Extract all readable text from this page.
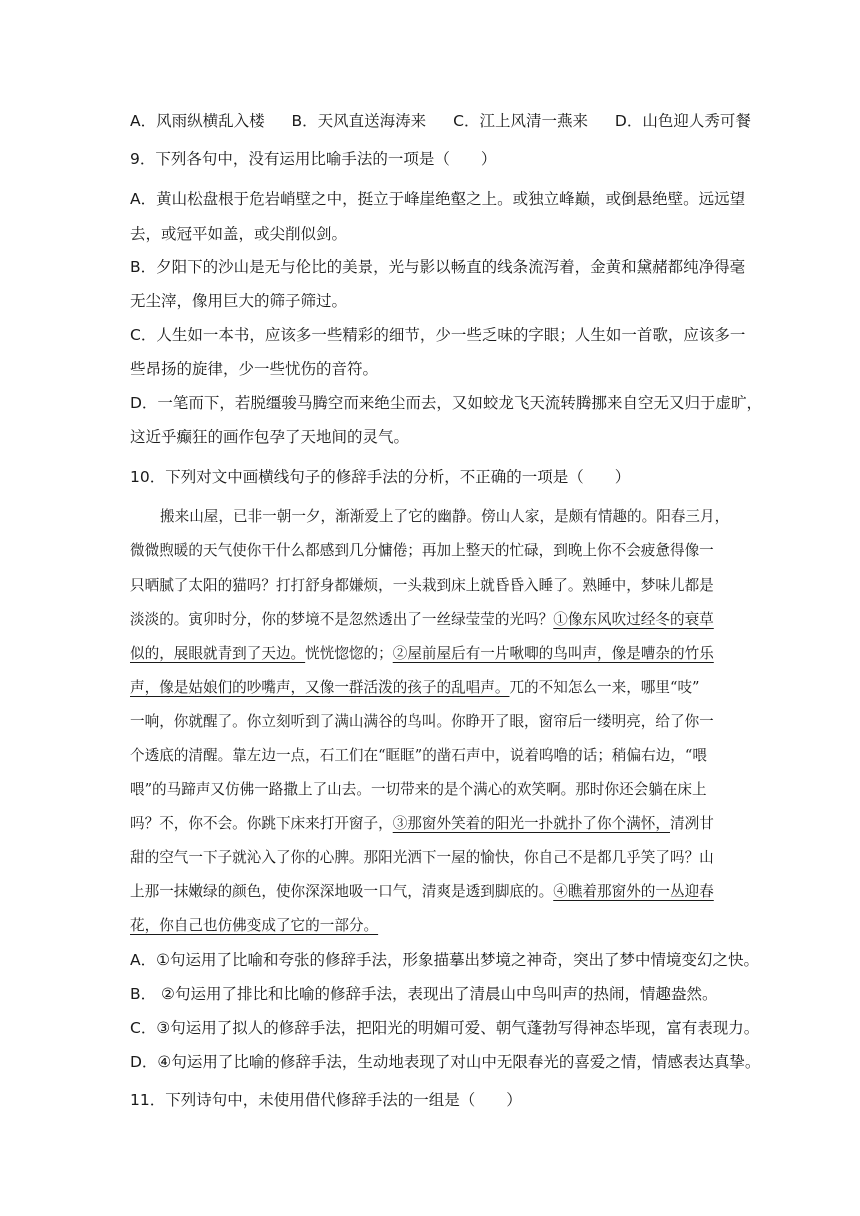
A．风雨纵横乱入楼 B．天风直送海涛来 C．江上风清一燕来 D．山色迎人秀可餐
9．下列各句中，没有运用比喻手法的一项是（　　）
A．黄山松盘根于危岩峭壁之中，挺立于峰崖绝壑之上。或独立峰巅，或倒悬绝壁。远远望
去，或冠平如盖，或尖削似剑。
B．夕阳下的沙山是无与伦比的美景，光与影以畅直的线条流泻着，金黄和黛赭都纯净得毫
无尘滓，像用巨大的筛子筛过。
C．人生如一本书，应该多一些精彩的细节，少一些乏味的字眼；人生如一首歌，应该多一
些昂扬的旋律，少一些忧伤的音符。
D．一笔而下，若脱缰骏马腾空而来绝尘而去，又如蛟龙飞天流转腾挪来自空无又归于虚旷，
这近乎癫狂的画作包孕了天地间的灵气。
10．下列对文中画横线句子的修辞手法的分析，不正确的一项是（　　）
搬来山屋，已非一朝一夕，渐渐爱上了它的幽静。傍山人家，是颇有情趣的。阳春三月，
微微煦暖的天气使你干什么都感到几分慵倦；再加上整天的忙碌，到晚上你不会疲惫得像一
只晒腻了太阳的猫吗？打打舒身都嫌烦，一头栽到床上就昏昏入睡了。熟睡中，梦味儿都是
淡淡的。寅卯时分，你的梦境不是忽然透出了一丝绿莹莹的光吗？①像东风吹过经冬的衰草
似的，展眼就青到了天边。恍恍惚惚的；②屋前屋后有一片啾唧的鸟叫声，像是嘈杂的竹乐
声，像是姑娘们的吵嘴声，又像一群活泼的孩子的乱唱声。兀的不知怎么一来，哪里“吱”
一响，你就醒了。你立刻听到了满山满谷的鸟叫。你睁开了眼，窗帘后一缕明亮，给了你一
个透底的清醒。靠左边一点，石工们在“眶眶”的凿石声中，说着呜噜的话；稍偏右边，“喂
喂”的马蹄声又仿佛一路撒上了山去。一切带来的是个满心的欢笑啊。那时你还会躺在床上
吗？不，你不会。你跳下床来打开窗子，③那窗外笑着的阳光一扑就扑了你个满怀，清冽甘
甜的空气一下子就沁入了你的心脾。那阳光洒下一屋的愉快，你自己不是都几乎笑了吗？山
上那一抹嫩绿的颜色，使你深深地吸一口气，清爽是透到脚底的。④瞧着那窗外的一丛迎春
花，你自己也仿佛变成了它的一部分。
A．①句运用了比喻和夸张的修辞手法，形象描摹出梦境之神奇，突出了梦中情境变幻之快。
B． ②句运用了排比和比喻的修辞手法，表现出了清晨山中鸟叫声的热闹，情趣盎然。
C．③句运用了拟人的修辞手法，把阳光的明媚可爱、朝气蓬勃写得神态毕现，富有表现力。
D．④句运用了比喻的修辞手法，生动地表现了对山中无限春光的喜爱之情，情感表达真挚。
11．下列诗句中，未使用借代修辞手法的一组是（　　）
